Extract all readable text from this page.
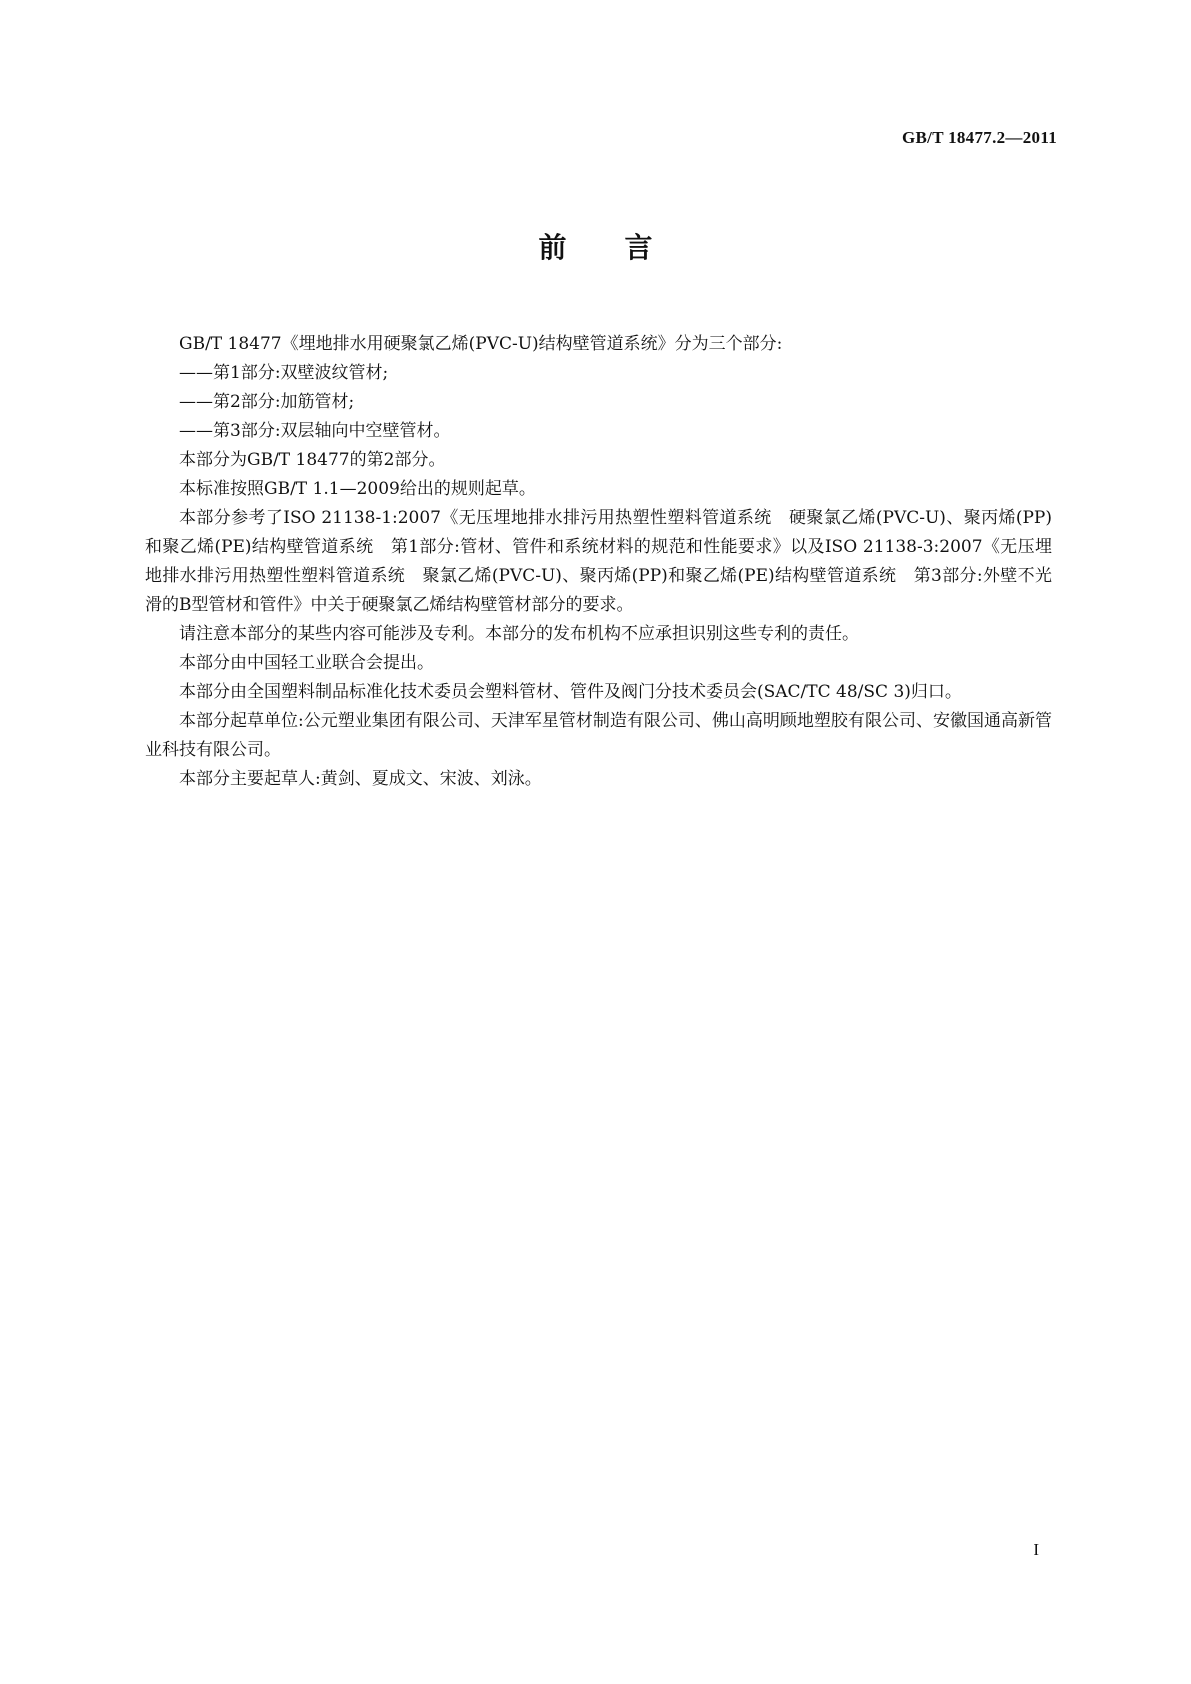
GB/T 18477.2—2011
前言

GB/T 18477《埋地排水用硬聚氯乙烯(PVC-U)结构壁管道系统》分为三个部分:

——第1部分:双壁波纹管材;

——第2部分:加筋管材;

——第3部分:双层轴向中空壁管材。

本部分为GB/T 18477的第2部分。

本标准按照GB/T 1.1—2009给出的规则起草。

本部分参考了ISO 21138-1:2007《无压埋地排水排污用热塑性塑料管道系统　硬聚氯乙烯(PVC-U)、聚丙烯(PP)和聚乙烯(PE)结构壁管道系统　第1部分:管材、管件和系统材料的规范和性能要求》以及ISO 21138-3:2007《无压埋地排水排污用热塑性塑料管道系统　聚氯乙烯(PVC-U)、聚丙烯(PP)和聚乙烯(PE)结构壁管道系统　第3部分:外壁不光滑的B型管材和管件》中关于硬聚氯乙烯结构壁管材部分的要求。

请注意本部分的某些内容可能涉及专利。本部分的发布机构不应承担识别这些专利的责任。

本部分由中国轻工业联合会提出。

本部分由全国塑料制品标准化技术委员会塑料管材、管件及阀门分技术委员会(SAC/TC 48/SC 3)归口。

本部分起草单位:公元塑业集团有限公司、天津军星管材制造有限公司、佛山高明顾地塑胶有限公司、安徽国通高新管业科技有限公司。

本部分主要起草人:黄剑、夏成文、宋波、刘泳。

I
